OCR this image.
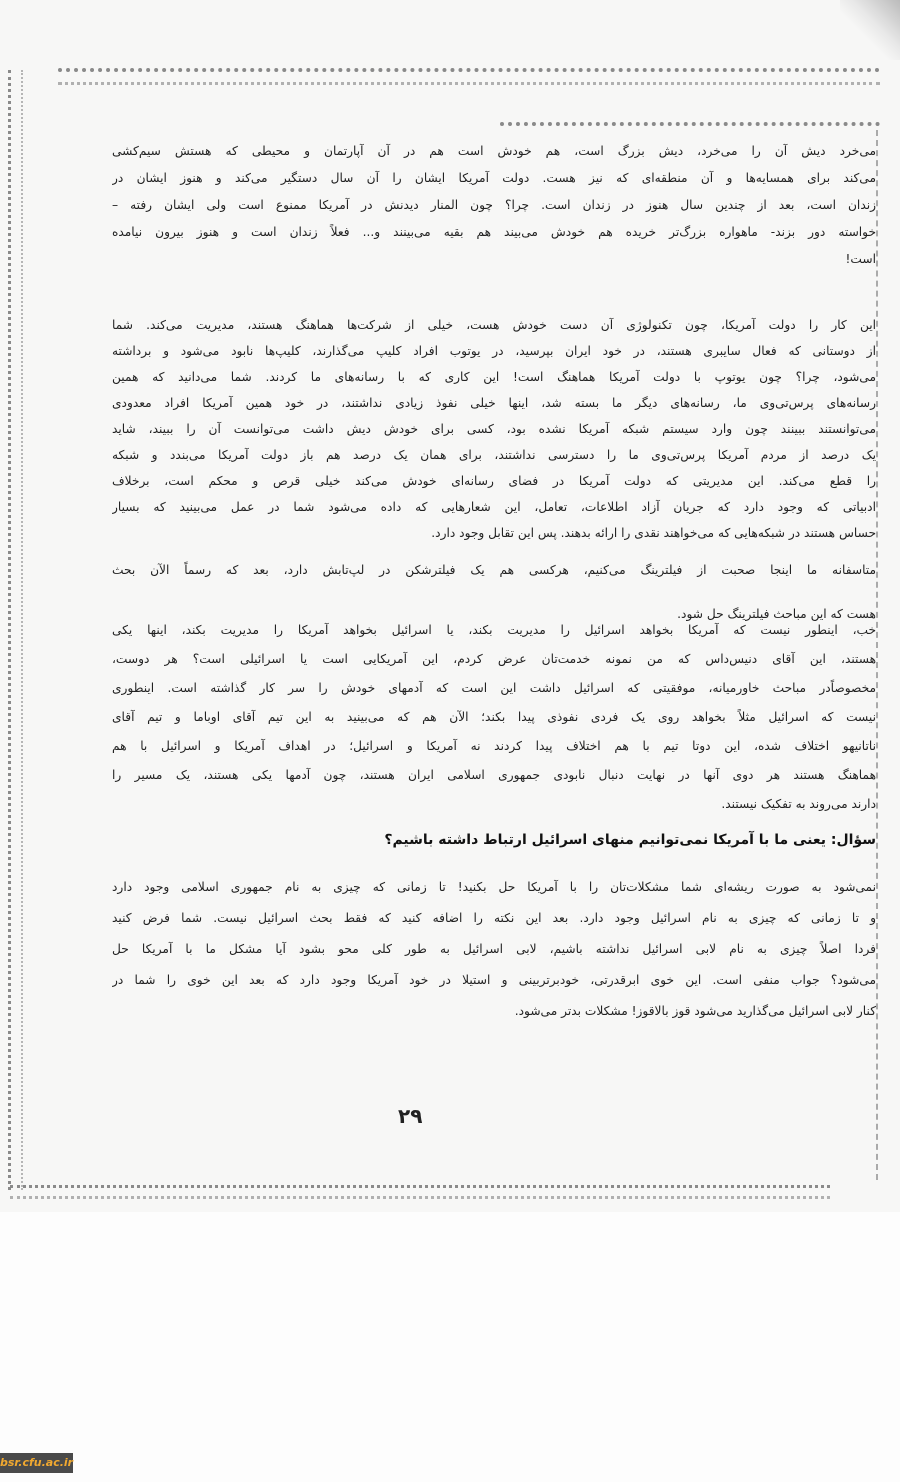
می‌خرد دیش آن را می‌خرد، دیش بزرگ است، هم خودش است هم در آن آپارتمان و محیطی که هستش سیم‌کشی
می‌کند برای همسایه‌ها و آن منطقه‌ای که نیز هست. دولت آمریکا ایشان را آن سال دستگیر می‌کند و هنوز ایشان در
زندان است، بعد از چندین سال هنوز در زندان است. چرا؟ چون المنار دیدنش در آمریکا ممنوع است ولی ایشان رفته –
خواسته دور بزند- ماهواره بزرگ‌تر خریده هم خودش می‌بیند هم بقیه می‌بینند و... فعلاً زندان است و هنوز بیرون نیامده
است!
این کار را دولت آمریکا، چون تکنولوژی آن دست خودش هست، خیلی از شرکت‌ها هماهنگ هستند، مدیریت می‌کند. شما
از دوستانی که فعال سایبری هستند، در خود ایران بپرسید، در یوتوب افراد کلیپ می‌گذارند، کلیپ‌ها نابود می‌شود و برداشته
می‌شود، چرا؟ چون یوتوپ با دولت آمریکا هماهنگ است! این کاری که با رسانه‌های ما کردند. شما می‌دانید که همین
رسانه‌های پرس‌تی‌وی ما، رسانه‌های دیگر ما بسته شد، اینها خیلی نفوذ زیادی نداشتند، در خود همین آمریکا افراد معدودی
می‌توانستند ببینند چون وارد سیستم شبکه آمریکا نشده بود، کسی برای خودش دیش داشت می‌توانست آن را ببیند، شاید
یک درصد از مردم آمریکا پرس‌تی‌وی ما را دسترسی نداشتند، برای همان یک درصد هم باز دولت آمریکا می‌بندد و شبکه
را قطع می‌کند. این مدیریتی که دولت آمریکا در فضای رسانه‌ای خودش می‌کند خیلی قرص و محکم است، برخلاف
ادبیاتی که وجود دارد که جریان آزاد اطلاعات، تعامل، این شعارهایی که داده می‌شود شما در عمل می‌بینید که بسیار
حساس هستند در شبکه‌هایی که می‌خواهند نقدی را ارائه بدهند. پس این تقابل وجود دارد.
متاسفانه ما اینجا صحبت از فیلترینگ می‌کنیم، هرکسی هم یک فیلترشکن در لپ‌تابش دارد، بعد که رسماً الآن بحث
هست که این مباحث فیلترینگ حل شود.
خب، اینطور نیست که آمریکا بخواهد اسرائیل را مدیریت بکند، یا اسرائیل بخواهد آمریکا را مدیریت بکند، اینها یکی
هستند، این آقای دنیس‌داس که من نمونه خدمت‌تان عرض کردم، این آمریکایی است یا اسرائیلی است؟ هر دوست،
مخصوصاًدر مباحث خاورمیانه، موفقیتی که اسرائیل داشت این است که آدمهای خودش را سر کار گذاشته است. اینطوری
نیست که اسرائیل مثلاً بخواهد روی یک فردی نفوذی پیدا بکند؛ الآن هم که می‌بینید به این تیم آقای اوباما و تیم آقای
ناتانیهو اختلاف شده، این دوتا تیم با هم اختلاف پیدا کردند نه آمریکا و اسرائیل؛ در اهداف آمریکا و اسرائیل با هم
هماهنگ هستند هر دوی آنها در نهایت دنبال نابودی جمهوری اسلامی ایران هستند، چون آدمها یکی هستند، یک مسیر را
دارند می‌روند به تفکیک نیستند.
سؤال: یعنی ما با آمریکا نمی‌توانیم منهای اسرائیل ارتباط داشته باشیم؟
نمی‌شود به صورت ریشه‌ای شما مشکلات‌تان را با آمریکا حل بکنید! تا زمانی که چیزی به نام جمهوری اسلامی وجود دارد
و تا زمانی که چیزی به نام اسرائیل وجود دارد. بعد این نکته را اضافه کنید که فقط بحث اسرائیل نیست. شما فرض کنید
فردا اصلاً چیزی به نام لابی اسرائیل نداشته باشیم، لابی اسرائیل به طور کلی محو بشود آیا مشکل ما با آمریکا حل
می‌شود؟ جواب منفی است. این خوی ابرقدرتی، خودبرتربینی و استیلا در خود آمریکا وجود دارد که بعد این خوی را شما در
کنار لابی اسرائیل می‌گذارید می‌شود قوز بالاقوز! مشکلات بدتر می‌شود.
۲۹
bsr.cfu.ac.ir
